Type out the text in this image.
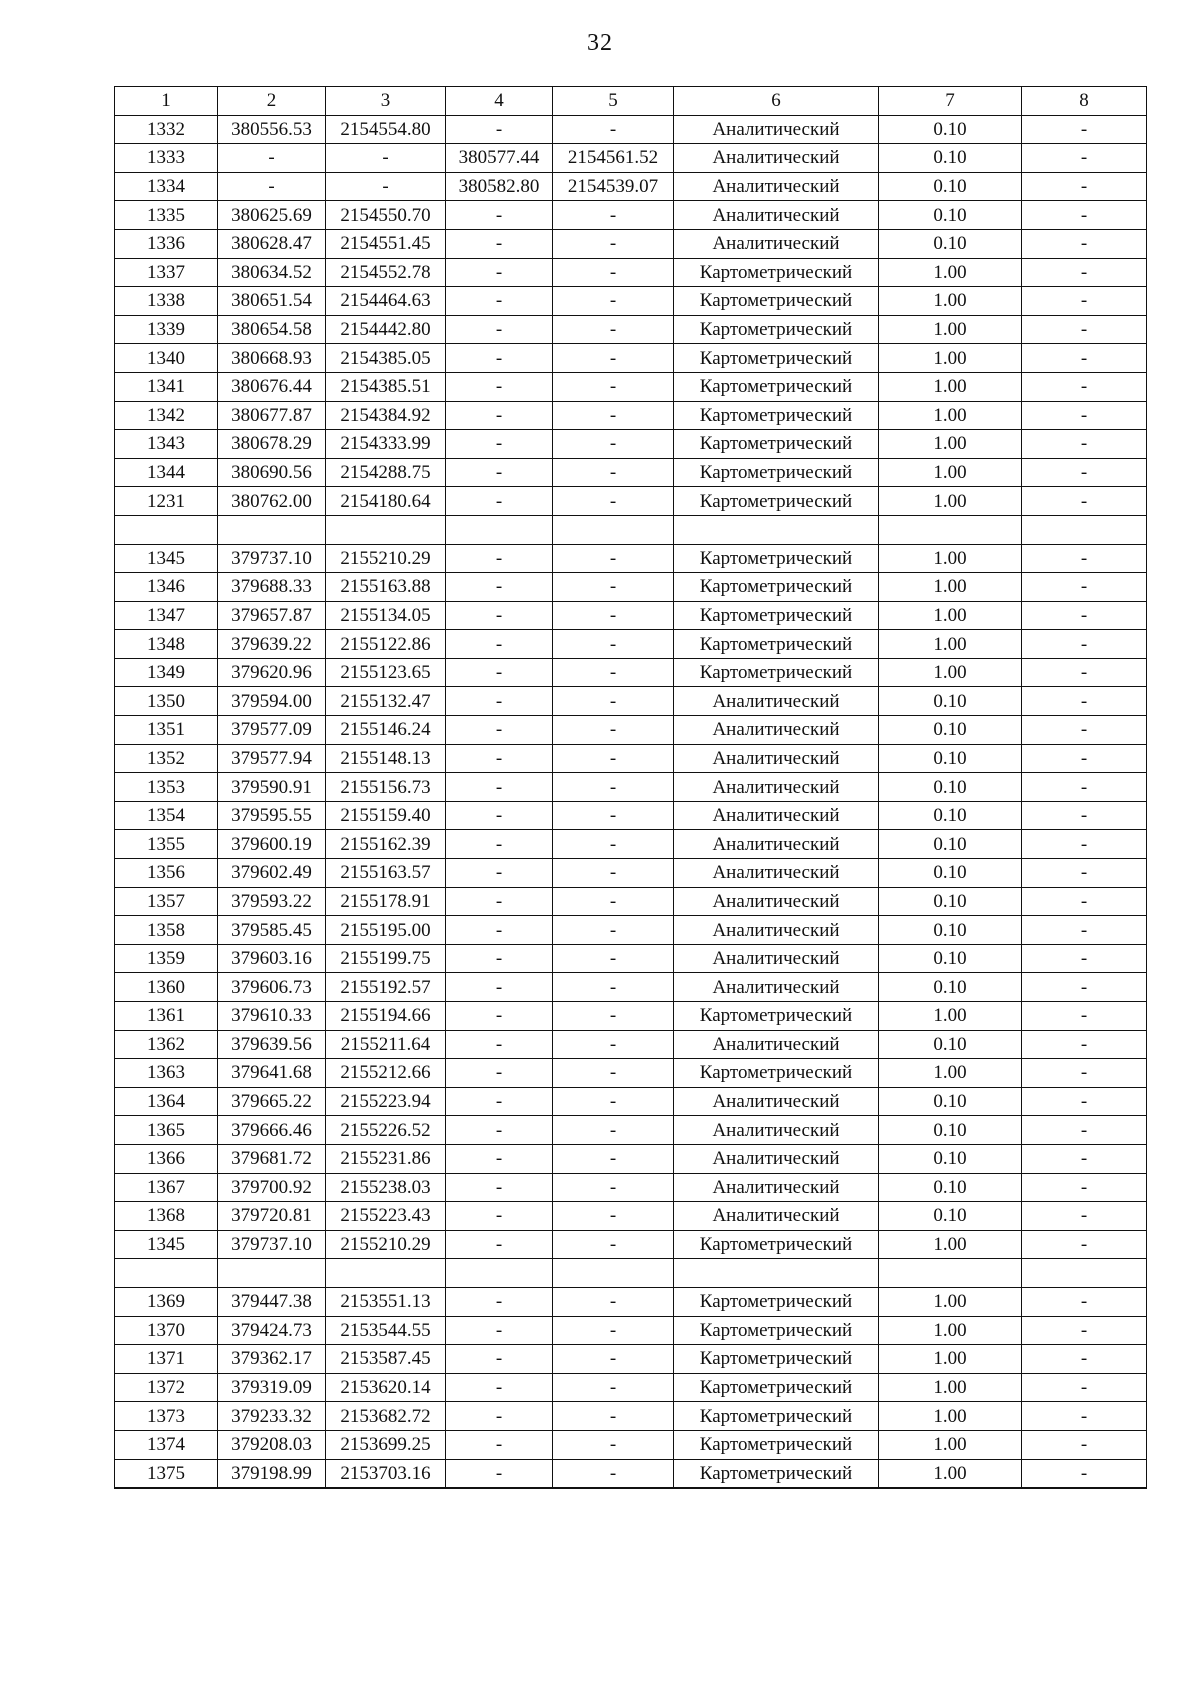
32
1	2	3	4	5	6	7	8
1332	380556.53	2154554.80	-	-	Аналитический	0.10	-
1333	-	-	380577.44	2154561.52	Аналитический	0.10	-
1334	-	-	380582.80	2154539.07	Аналитический	0.10	-
1335	380625.69	2154550.70	-	-	Аналитический	0.10	-
1336	380628.47	2154551.45	-	-	Аналитический	0.10	-
1337	380634.52	2154552.78	-	-	Картометрический	1.00	-
1338	380651.54	2154464.63	-	-	Картометрический	1.00	-
1339	380654.58	2154442.80	-	-	Картометрический	1.00	-
1340	380668.93	2154385.05	-	-	Картометрический	1.00	-
1341	380676.44	2154385.51	-	-	Картометрический	1.00	-
1342	380677.87	2154384.92	-	-	Картометрический	1.00	-
1343	380678.29	2154333.99	-	-	Картометрический	1.00	-
1344	380690.56	2154288.75	-	-	Картометрический	1.00	-
1231	380762.00	2154180.64	-	-	Картометрический	1.00	-

1345	379737.10	2155210.29	-	-	Картометрический	1.00	-
1346	379688.33	2155163.88	-	-	Картометрический	1.00	-
1347	379657.87	2155134.05	-	-	Картометрический	1.00	-
1348	379639.22	2155122.86	-	-	Картометрический	1.00	-
1349	379620.96	2155123.65	-	-	Картометрический	1.00	-
1350	379594.00	2155132.47	-	-	Аналитический	0.10	-
1351	379577.09	2155146.24	-	-	Аналитический	0.10	-
1352	379577.94	2155148.13	-	-	Аналитический	0.10	-
1353	379590.91	2155156.73	-	-	Аналитический	0.10	-
1354	379595.55	2155159.40	-	-	Аналитический	0.10	-
1355	379600.19	2155162.39	-	-	Аналитический	0.10	-
1356	379602.49	2155163.57	-	-	Аналитический	0.10	-
1357	379593.22	2155178.91	-	-	Аналитический	0.10	-
1358	379585.45	2155195.00	-	-	Аналитический	0.10	-
1359	379603.16	2155199.75	-	-	Аналитический	0.10	-
1360	379606.73	2155192.57	-	-	Аналитический	0.10	-
1361	379610.33	2155194.66	-	-	Картометрический	1.00	-
1362	379639.56	2155211.64	-	-	Аналитический	0.10	-
1363	379641.68	2155212.66	-	-	Картометрический	1.00	-
1364	379665.22	2155223.94	-	-	Аналитический	0.10	-
1365	379666.46	2155226.52	-	-	Аналитический	0.10	-
1366	379681.72	2155231.86	-	-	Аналитический	0.10	-
1367	379700.92	2155238.03	-	-	Аналитический	0.10	-
1368	379720.81	2155223.43	-	-	Аналитический	0.10	-
1345	379737.10	2155210.29	-	-	Картометрический	1.00	-

1369	379447.38	2153551.13	-	-	Картометрический	1.00	-
1370	379424.73	2153544.55	-	-	Картометрический	1.00	-
1371	379362.17	2153587.45	-	-	Картометрический	1.00	-
1372	379319.09	2153620.14	-	-	Картометрический	1.00	-
1373	379233.32	2153682.72	-	-	Картометрический	1.00	-
1374	379208.03	2153699.25	-	-	Картометрический	1.00	-
1375	379198.99	2153703.16	-	-	Картометрический	1.00	-
